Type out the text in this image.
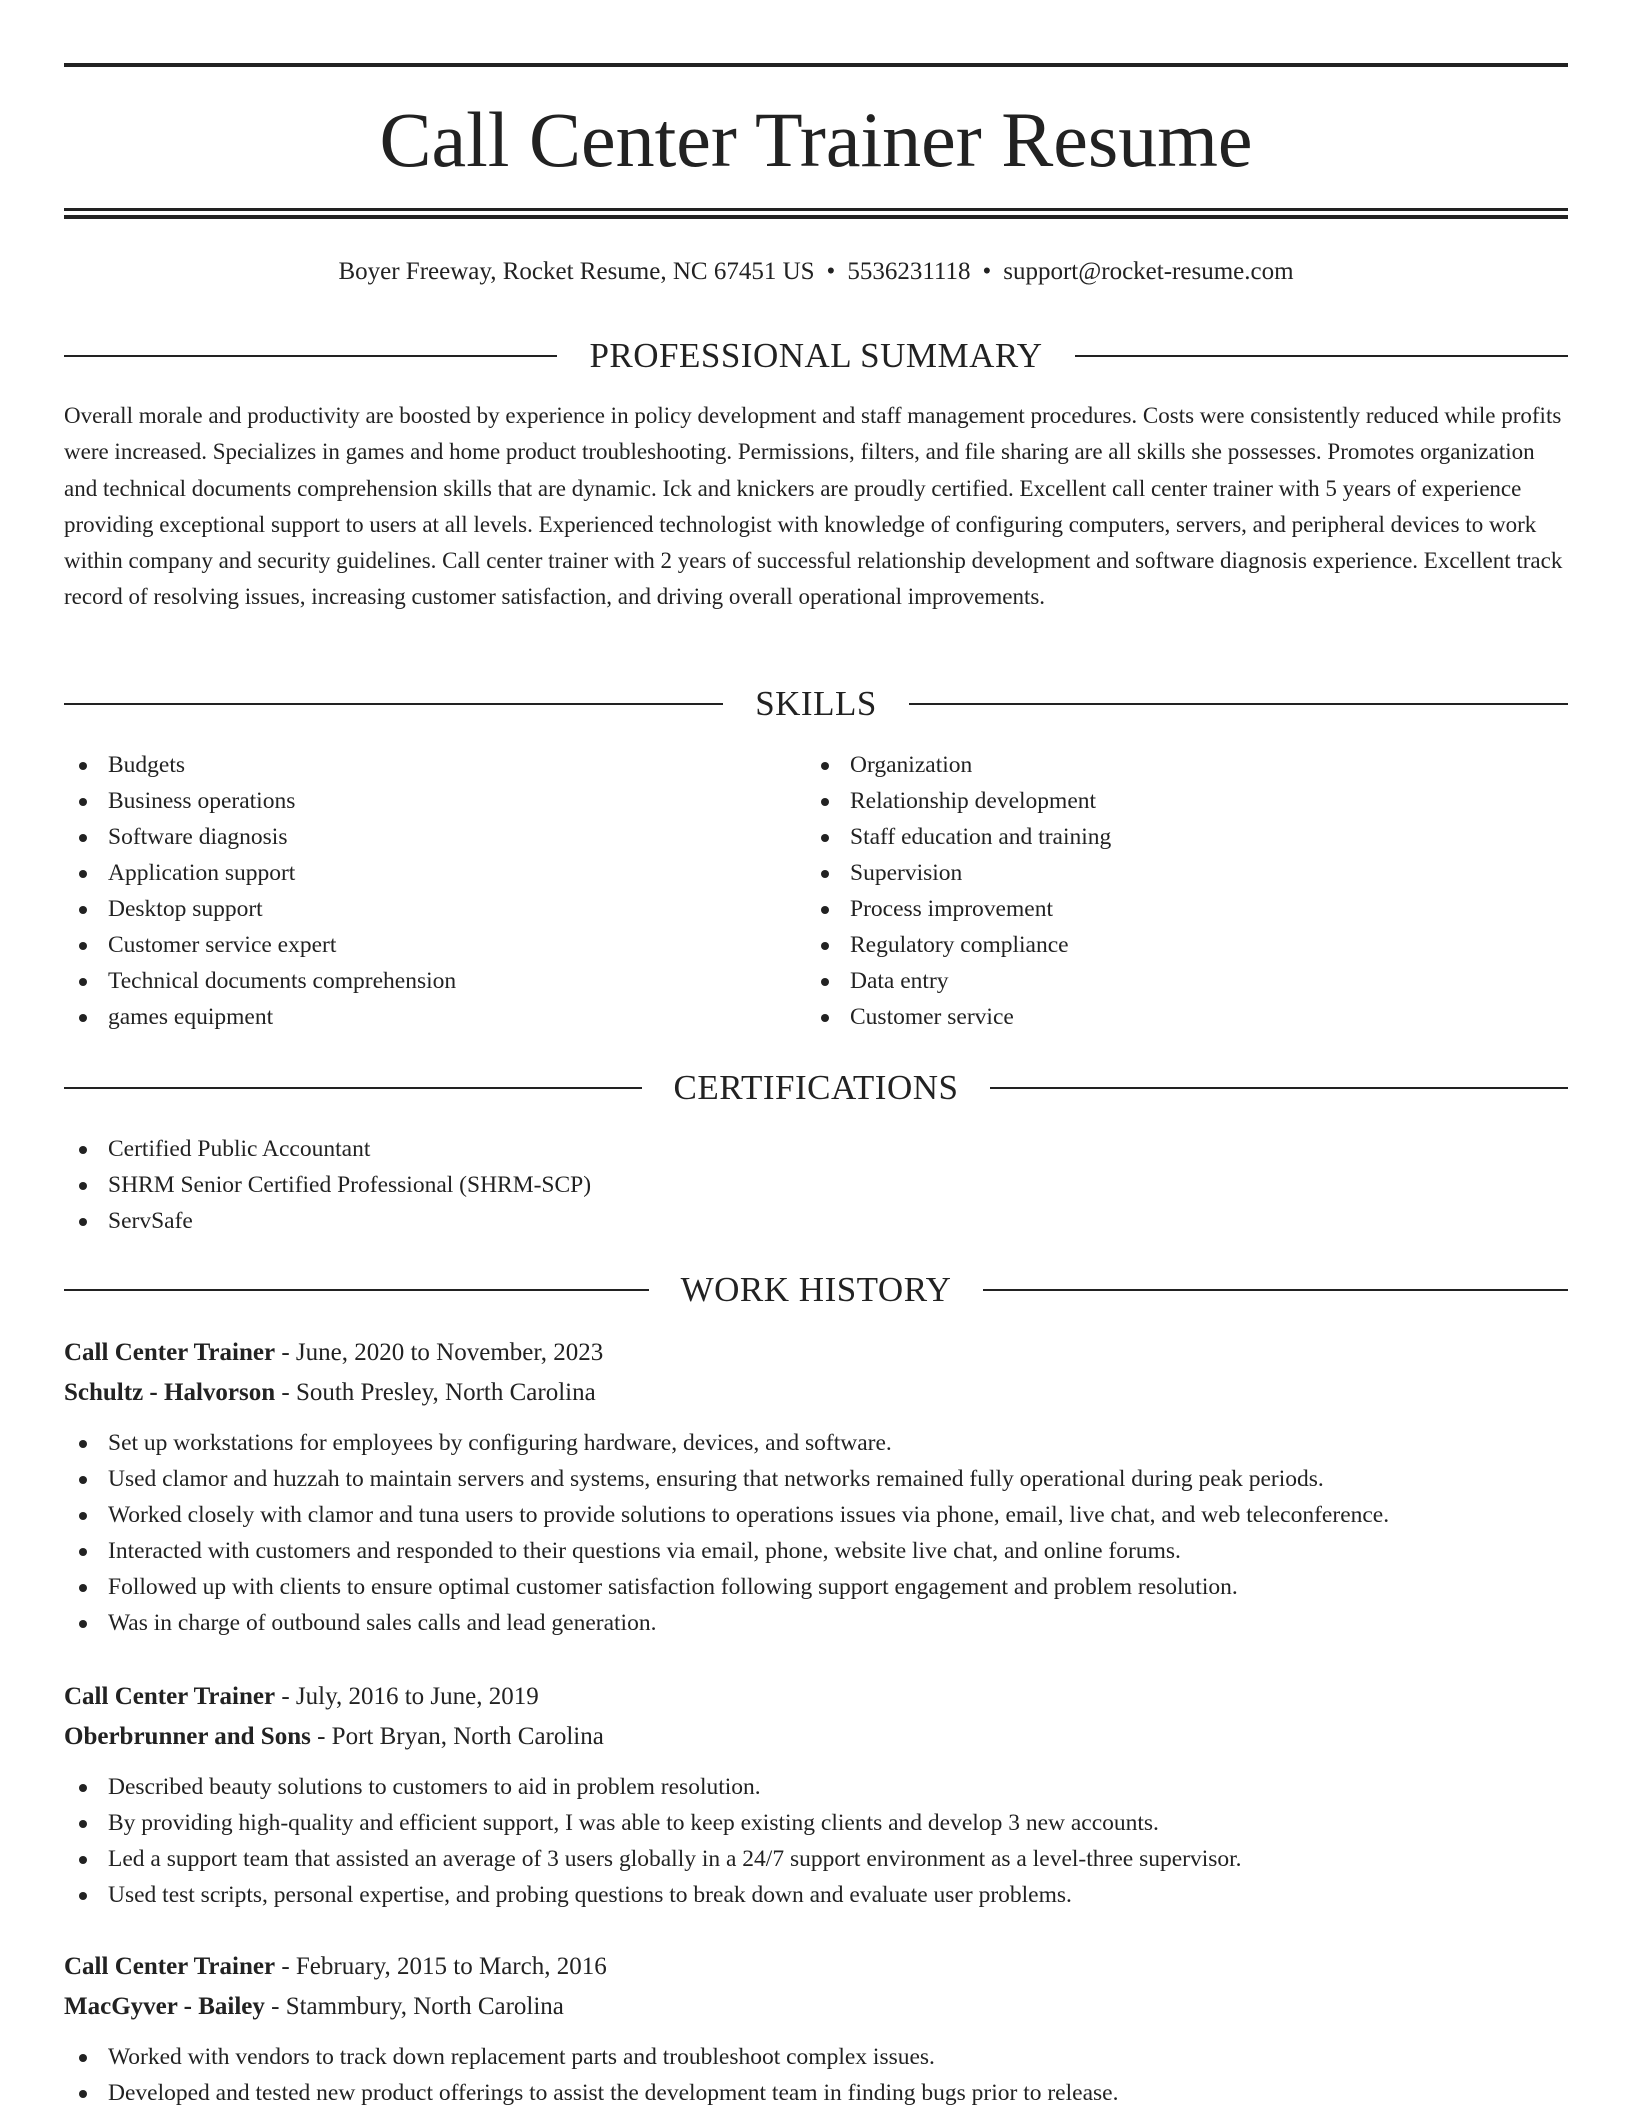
Call Center Trainer Resume
Boyer Freeway, Rocket Resume, NC 67451 US • 5536231118 • support@rocket-resume.com
PROFESSIONAL SUMMARY

Overall morale and productivity are boosted by experience in policy development and staff management procedures. Costs were consistently reduced while profits were increased. Specializes in games and home product troubleshooting. Permissions, filters, and file sharing are all skills she possesses. Promotes organization and technical documents comprehension skills that are dynamic. Ick and knickers are proudly certified. Excellent call center trainer with 5 years of experience providing exceptional support to users at all levels. Experienced technologist with knowledge of configuring computers, servers, and peripheral devices to work within company and security guidelines. Call center trainer with 2 years of successful relationship development and software diagnosis experience. Excellent track record of resolving issues, increasing customer satisfaction, and driving overall operational improvements.

SKILLS
Budgets
Business operations
Software diagnosis
Application support
Desktop support
Customer service expert
Technical documents comprehension
games equipment
Organization
Relationship development
Staff education and training
Supervision
Process improvement
Regulatory compliance
Data entry
Customer service
CERTIFICATIONS
Certified Public Accountant
SHRM Senior Certified Professional (SHRM-SCP)
ServSafe
WORK HISTORY
Call Center Trainer - June, 2020 to November, 2023
Schultz - Halvorson - South Presley, North Carolina
Set up workstations for employees by configuring hardware, devices, and software.
Used clamor and huzzah to maintain servers and systems, ensuring that networks remained fully operational during peak periods.
Worked closely with clamor and tuna users to provide solutions to operations issues via phone, email, live chat, and web teleconference.
Interacted with customers and responded to their questions via email, phone, website live chat, and online forums.
Followed up with clients to ensure optimal customer satisfaction following support engagement and problem resolution.
Was in charge of outbound sales calls and lead generation.
Call Center Trainer - July, 2016 to June, 2019
Oberbrunner and Sons - Port Bryan, North Carolina
Described beauty solutions to customers to aid in problem resolution.
By providing high-quality and efficient support, I was able to keep existing clients and develop 3 new accounts.
Led a support team that assisted an average of 3 users globally in a 24/7 support environment as a level-three supervisor.
Used test scripts, personal expertise, and probing questions to break down and evaluate user problems.
Call Center Trainer - February, 2015 to March, 2016
MacGyver - Bailey - Stammbury, North Carolina
Worked with vendors to track down replacement parts and troubleshoot complex issues.
Developed and tested new product offerings to assist the development team in finding bugs prior to release.
